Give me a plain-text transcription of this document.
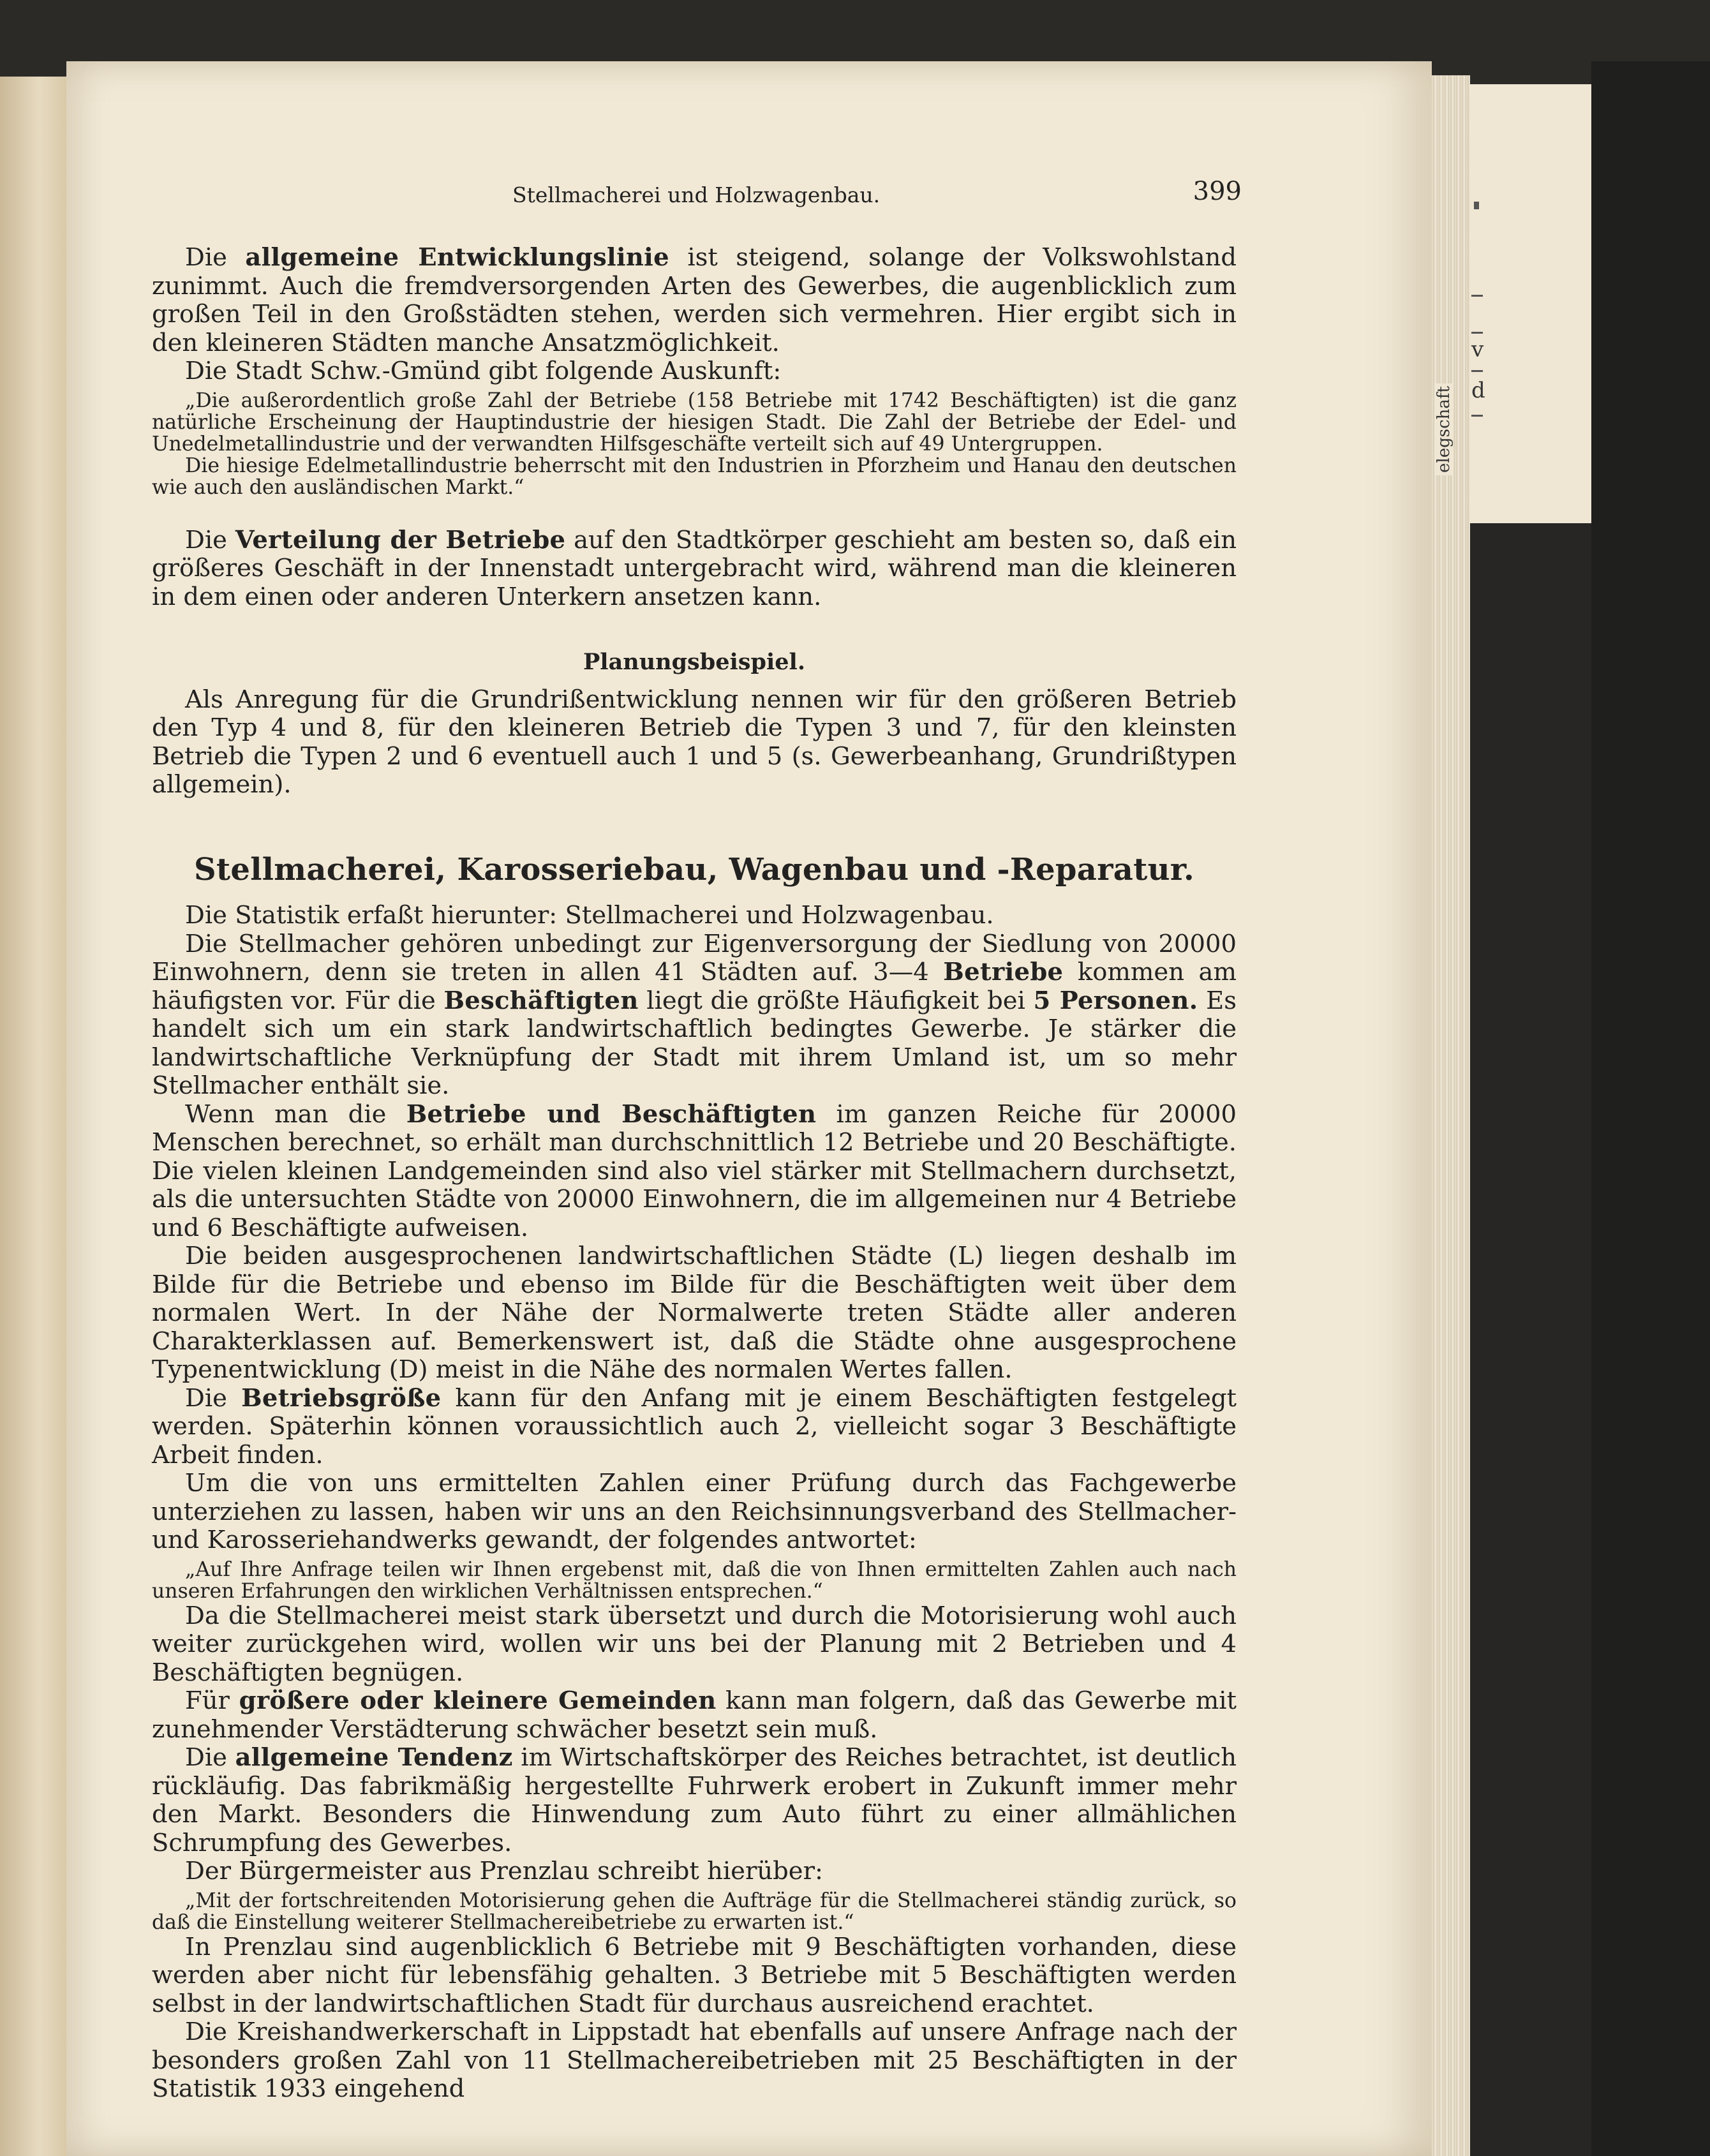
v
d
elegschaft
Stellmacherei und Holzwagenbau.	399

Die allgemeine Entwicklungslinie ist steigend, solange der Volkswohlstand zunimmt. Auch die fremdversorgenden Arten des Gewerbes, die augenblicklich zum großen Teil in den Großstädten stehen, werden sich vermehren. Hier ergibt sich in den kleineren Städten manche Ansatzmöglichkeit.

Die Stadt Schw.-Gmünd gibt folgende Auskunft:

„Die außerordentlich große Zahl der Betriebe (158 Betriebe mit 1742 Beschäftigten) ist die ganz natürliche Erscheinung der Hauptindustrie der hiesigen Stadt. Die Zahl der Betriebe der Edel- und Unedelmetallindustrie und der verwandten Hilfsgeschäfte verteilt sich auf 49 Untergruppen.

Die hiesige Edelmetallindustrie beherrscht mit den Industrien in Pforzheim und Hanau den deutschen wie auch den ausländischen Markt.“

Die Verteilung der Betriebe auf den Stadtkörper geschieht am besten so, daß ein größeres Geschäft in der Innenstadt untergebracht wird, während man die kleineren in dem einen oder anderen Unterkern ansetzen kann.

Planungsbeispiel.

Als Anregung für die Grundrißentwicklung nennen wir für den größeren Betrieb den Typ 4 und 8, für den kleineren Betrieb die Typen 3 und 7, für den kleinsten Betrieb die Typen 2 und 6 eventuell auch 1 und 5 (s. Gewerbeanhang, Grundrißtypen allgemein).

Stellmacherei, Karosseriebau, Wagenbau und -Reparatur.

Die Statistik erfaßt hierunter: Stellmacherei und Holzwagenbau.

Die Stellmacher gehören unbedingt zur Eigenversorgung der Siedlung von 20000 Einwohnern, denn sie treten in allen 41 Städten auf. 3—4 Betriebe kommen am häufigsten vor. Für die Beschäftigten liegt die größte Häufigkeit bei 5 Personen. Es handelt sich um ein stark landwirtschaftlich bedingtes Gewerbe. Je stärker die landwirtschaftliche Verknüpfung der Stadt mit ihrem Umland ist, um so mehr Stellmacher enthält sie.

Wenn man die Betriebe und Beschäftigten im ganzen Reiche für 20000 Menschen berechnet, so erhält man durchschnittlich 12 Betriebe und 20 Beschäftigte. Die vielen kleinen Landgemeinden sind also viel stärker mit Stellmachern durchsetzt, als die untersuchten Städte von 20000 Einwohnern, die im allgemeinen nur 4 Betriebe und 6 Beschäftigte aufweisen.

Die beiden ausgesprochenen landwirtschaftlichen Städte (L) liegen deshalb im Bilde für die Betriebe und ebenso im Bilde für die Beschäftigten weit über dem normalen Wert. In der Nähe der Normalwerte treten Städte aller anderen Charakterklassen auf. Bemerkenswert ist, daß die Städte ohne ausgesprochene Typenentwicklung (D) meist in die Nähe des normalen Wertes fallen.

Die Betriebsgröße kann für den Anfang mit je einem Beschäftigten festgelegt werden. Späterhin können voraussichtlich auch 2, vielleicht sogar 3 Beschäftigte Arbeit finden.

Um die von uns ermittelten Zahlen einer Prüfung durch das Fachgewerbe unterziehen zu lassen, haben wir uns an den Reichsinnungsverband des Stellmacher- und Karosseriehandwerks gewandt, der folgendes antwortet:

„Auf Ihre Anfrage teilen wir Ihnen ergebenst mit, daß die von Ihnen ermittelten Zahlen auch nach unseren Erfahrungen den wirklichen Verhältnissen entsprechen.“

Da die Stellmacherei meist stark übersetzt und durch die Motorisierung wohl auch weiter zurückgehen wird, wollen wir uns bei der Planung mit 2 Betrieben und 4 Beschäftigten begnügen.

Für größere oder kleinere Gemeinden kann man folgern, daß das Gewerbe mit zunehmender Verstädterung schwächer besetzt sein muß.

Die allgemeine Tendenz im Wirtschaftskörper des Reiches betrachtet, ist deutlich rückläufig. Das fabrikmäßig hergestellte Fuhrwerk erobert in Zukunft immer mehr den Markt. Besonders die Hinwendung zum Auto führt zu einer allmählichen Schrumpfung des Gewerbes.

Der Bürgermeister aus Prenzlau schreibt hierüber:

„Mit der fortschreitenden Motorisierung gehen die Aufträge für die Stellmacherei ständig zurück, so daß die Einstellung weiterer Stellmachereibetriebe zu erwarten ist.“

In Prenzlau sind augenblicklich 6 Betriebe mit 9 Beschäftigten vorhanden, diese werden aber nicht für lebensfähig gehalten. 3 Betriebe mit 5 Beschäftigten werden selbst in der landwirtschaftlichen Stadt für durchaus ausreichend erachtet.

Die Kreishandwerkerschaft in Lippstadt hat ebenfalls auf unsere Anfrage nach der besonders großen Zahl von 11 Stellmachereibetrieben mit 25 Beschäftigten in der Statistik 1933 eingehend
